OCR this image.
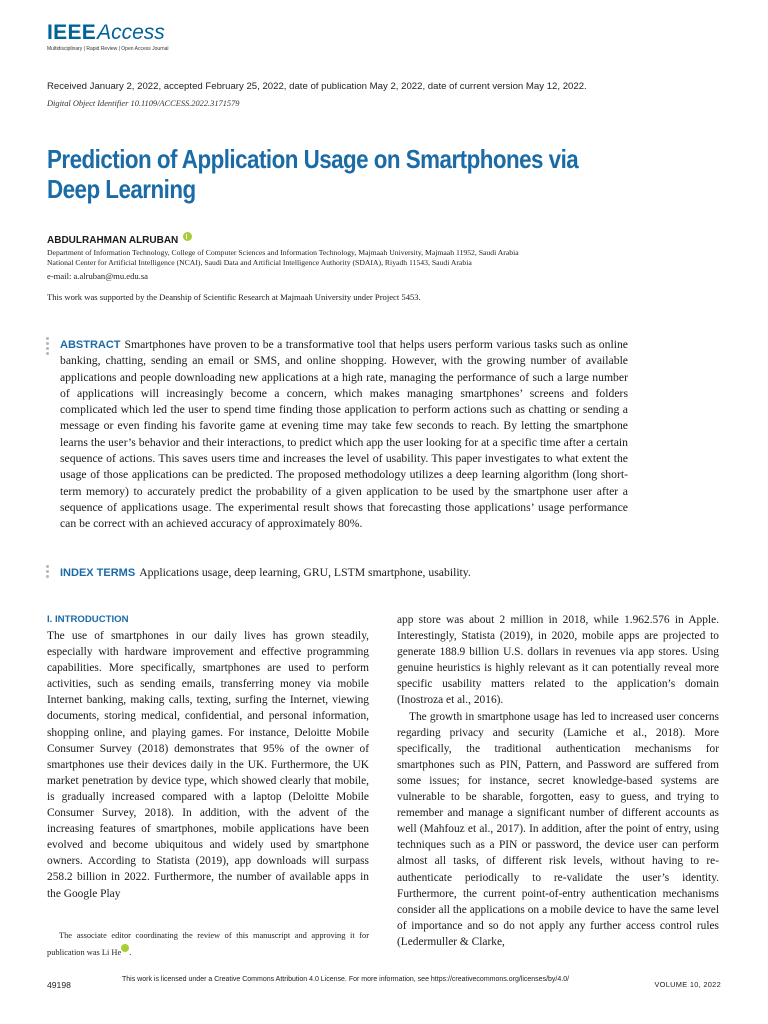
IEEEAccess
Multidisciplinary | Rapid Review | Open Access Journal
Received January 2, 2022, accepted February 25, 2022, date of publication May 2, 2022, date of current version May 12, 2022.
Digital Object Identifier 10.1109/ACCESS.2022.3171579
Prediction of Application Usage on Smartphones via Deep Learning
ABDULRAHMAN ALRUBAN
Department of Information Technology, College of Computer Sciences and Information Technology, Majmaah University, Majmaah 11952, Saudi Arabia
National Center for Artificial Intelligence (NCAI), Saudi Data and Artificial Intelligence Authority (SDAIA), Riyadh 11543, Saudi Arabia
e-mail: a.alruban@mu.edu.sa
This work was supported by the Deanship of Scientific Research at Majmaah University under Project 5453.
ABSTRACT Smartphones have proven to be a transformative tool that helps users perform various tasks such as online banking, chatting, sending an email or SMS, and online shopping. However, with the growing number of available applications and people downloading new applications at a high rate, managing the performance of such a large number of applications will increasingly become a concern, which makes managing smartphones’ screens and folders complicated which led the user to spend time finding those application to perform actions such as chatting or sending a message or even finding his favorite game at evening time may take few seconds to reach. By letting the smartphone learns the user’s behavior and their interactions, to predict which app the user looking for at a specific time after a certain sequence of actions. This saves users time and increases the level of usability. This paper investigates to what extent the usage of those applications can be predicted. The proposed methodology utilizes a deep learning algorithm (long short-term memory) to accurately predict the probability of a given application to be used by the smartphone user after a sequence of applications usage. The experimental result shows that forecasting those applications’ usage performance can be correct with an achieved accuracy of approximately 80%.
INDEX TERMS Applications usage, deep learning, GRU, LSTM smartphone, usability.
I. INTRODUCTION

The use of smartphones in our daily lives has grown steadily, especially with hardware improvement and effective programming capabilities. More specifically, smartphones are used to perform activities, such as sending emails, transferring money via mobile Internet banking, making calls, texting, surfing the Internet, viewing documents, storing medical, confidential, and personal information, shopping online, and playing games. For instance, Deloitte Mobile Consumer Survey (2018) demonstrates that 95% of the owner of smartphones use their devices daily in the UK. Furthermore, the UK market penetration by device type, which showed clearly that mobile, is gradually increased compared with a laptop (Deloitte Mobile Consumer Survey, 2018). In addition, with the advent of the increasing features of smartphones, mobile applications have been evolved and become ubiquitous and widely used by smartphone owners. According to Statista (2019), app downloads will surpass 258.2 billion in 2022. Furthermore, the number of available apps in the Google Play

app store was about 2 million in 2018, while 1.962.576 in Apple. Interestingly, Statista (2019), in 2020, mobile apps are projected to generate 188.9 billion U.S. dollars in revenues via app stores. Using genuine heuristics is highly relevant as it can potentially reveal more specific usability matters related to the application’s domain (Inostroza et al., 2016).

The growth in smartphone usage has led to increased user concerns regarding privacy and security (Lamiche et al., 2018). More specifically, the traditional authentication mechanisms for smartphones such as PIN, Pattern, and Password are suffered from some issues; for instance, secret knowledge-based systems are vulnerable to be sharable, forgotten, easy to guess, and trying to remember and manage a significant number of different accounts as well (Mahfouz et al., 2017). In addition, after the point of entry, using techniques such as a PIN or password, the device user can perform almost all tasks, of different risk levels, without having to re-authenticate periodically to re-validate the user’s identity. Furthermore, the current point-of-entry authentication mechanisms consider all the applications on a mobile device to have the same level of importance and so do not apply any further access control rules (Ledermuller & Clarke,

The associate editor coordinating the review of this manuscript and approving it for publication was Li He .
49198
This work is licensed under a Creative Commons Attribution 4.0 License. For more information, see https://creativecommons.org/licenses/by/4.0/
VOLUME 10, 2022
